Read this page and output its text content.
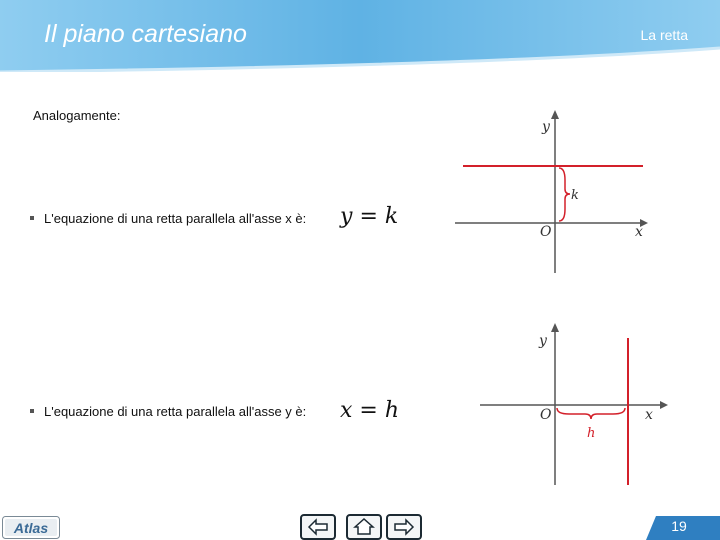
Il piano cartesiano	La retta
Analogamente:
L'equazione di una retta parallela all'asse x è: y = k
L'equazione di una retta parallela all'asse y è: x = h
k
y
x
O
h
y
x
O
Atlas	19
